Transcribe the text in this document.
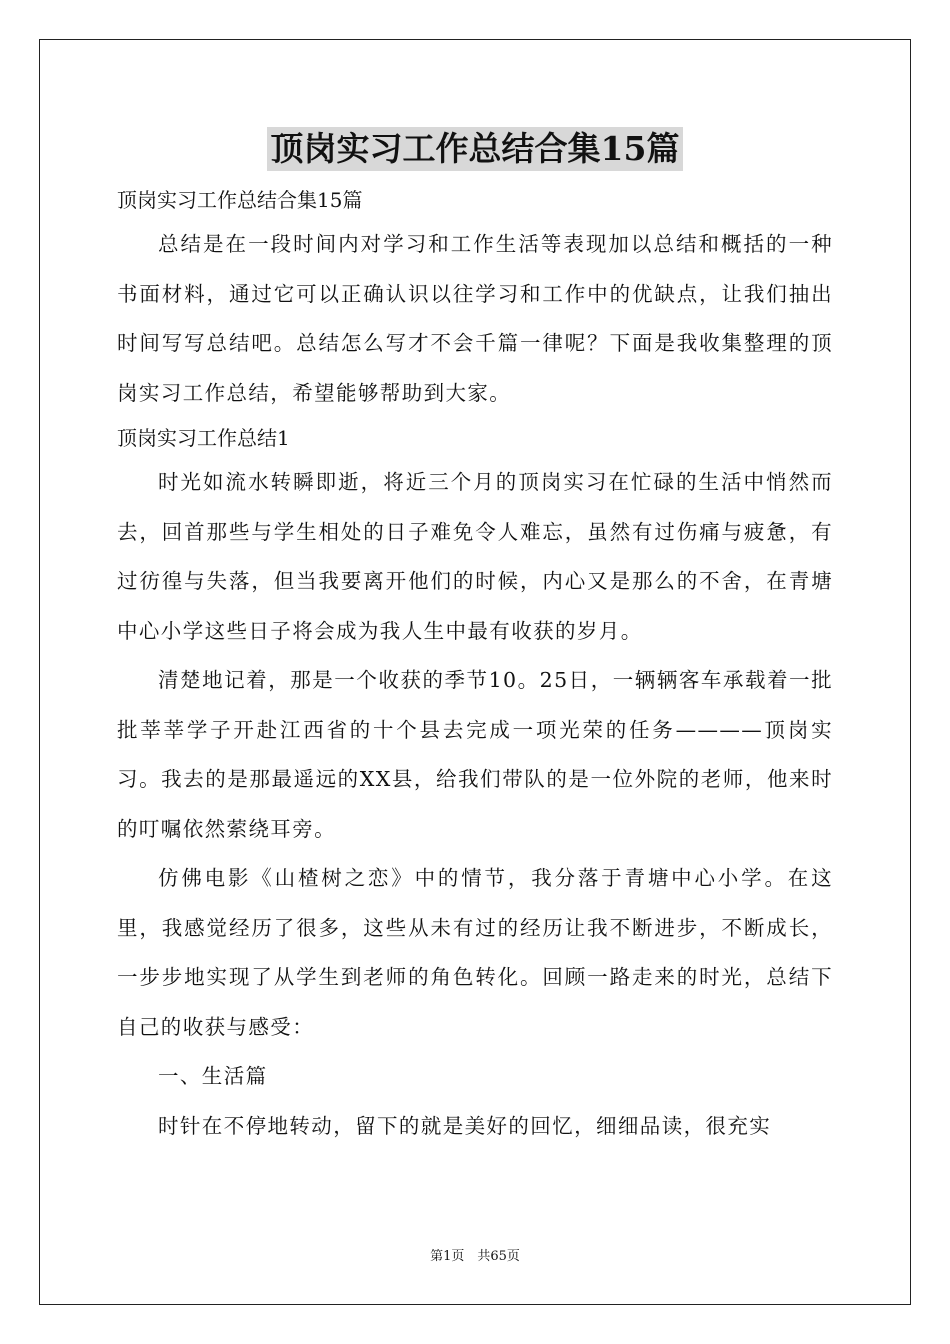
顶岗实习工作总结合集15篇

顶岗实习工作总结合集15篇

总结是在一段时间内对学习和工作生活等表现加以总结和概括的一种书面材料，通过它可以正确认识以往学习和工作中的优缺点，让我们抽出时间写写总结吧。总结怎么写才不会千篇一律呢？下面是我收集整理的顶岗实习工作总结，希望能够帮助到大家。

顶岗实习工作总结1

时光如流水转瞬即逝，将近三个月的顶岗实习在忙碌的生活中悄然而去，回首那些与学生相处的日子难免令人难忘，虽然有过伤痛与疲惫，有过彷徨与失落，但当我要离开他们的时候，内心又是那么的不舍，在青塘中心小学这些日子将会成为我人生中最有收获的岁月。

清楚地记着，那是一个收获的季节10。25日，一辆辆客车承载着一批批莘莘学子开赴江西省的十个县去完成一项光荣的任务————顶岗实习。我去的是那最遥远的XX县，给我们带队的是一位外院的老师，他来时的叮嘱依然萦绕耳旁。

仿佛电影《山楂树之恋》中的情节，我分落于青塘中心小学。在这里，我感觉经历了很多，这些从未有过的经历让我不断进步，不断成长，一步步地实现了从学生到老师的角色转化。回顾一路走来的时光，总结下自己的收获与感受：

一、生活篇

时针在不停地转动，留下的就是美好的回忆，细细品读，很充实

第1页　共65页
